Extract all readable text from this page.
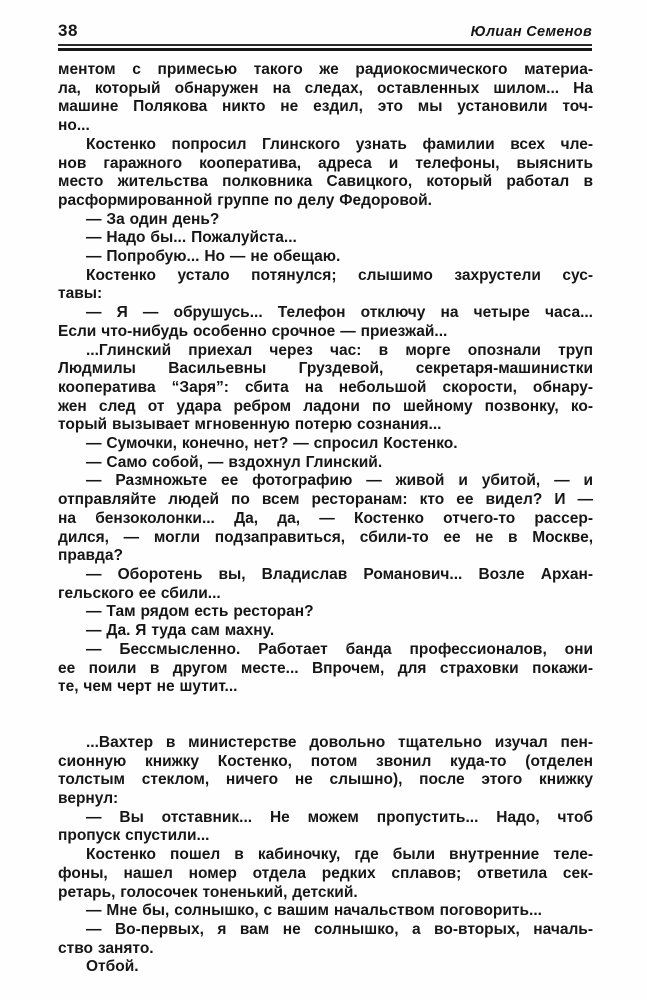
38	Юлиан Семенов
ментом с примесью такого же радиокосмического материа-
ла, который обнаружен на следах, оставленных шилом... На
машине Полякова никто не ездил, это мы установили точ-
но...
Костенко попросил Глинского узнать фамилии всех чле-
нов гаражного кооператива, адреса и телефоны, выяснить
место жительства полковника Савицкого, который работал в
расформированной группе по делу Федоровой.
— За один день?
— Надо бы... Пожалуйста...
— Попробую... Но — не обещаю.
Костенко устало потянулся; слышимо захрустели сус-
тавы:
— Я — обрушусь... Телефон отключу на четыре часа...
Если что-нибудь особенно срочное — приезжай...
...Глинский приехал через час: в морге опознали труп
Людмилы Васильевны Груздевой, секретаря-машинистки
кооператива “Заря”: сбита на небольшой скорости, обнару-
жен след от удара ребром ладони по шейному позвонку, ко-
торый вызывает мгновенную потерю сознания...
— Сумочки, конечно, нет? — спросил Костенко.
— Само собой, — вздохнул Глинский.
— Размножьте ее фотографию — живой и убитой, — и
отправляйте людей по всем ресторанам: кто ее видел? И —
на бензоколонки... Да, да, — Костенко отчего-то рассер-
дился, — могли подзаправиться, сбили-то ее не в Москве,
правда?
— Оборотень вы, Владислав Романович... Возле Архан-
гельского ее сбили...
— Там рядом есть ресторан?
— Да. Я туда сам махну.
— Бессмысленно. Работает банда профессионалов, они
ее поили в другом месте... Впрочем, для страховки покажи-
те, чем черт не шутит...
...Вахтер в министерстве довольно тщательно изучал пен-
сионную книжку Костенко, потом звонил куда-то (отделен
толстым стеклом, ничего не слышно), после этого книжку
вернул:
— Вы отставник... Не можем пропустить... Надо, чтоб
пропуск спустили...
Костенко пошел в кабиночку, где были внутренние теле-
фоны, нашел номер отдела редких сплавов; ответила сек-
ретарь, голосочек тоненький, детский.
— Мне бы, солнышко, с вашим начальством поговорить...
— Во-первых, я вам не солнышко, а во-вторых, началь-
ство занято.
Отбой.
